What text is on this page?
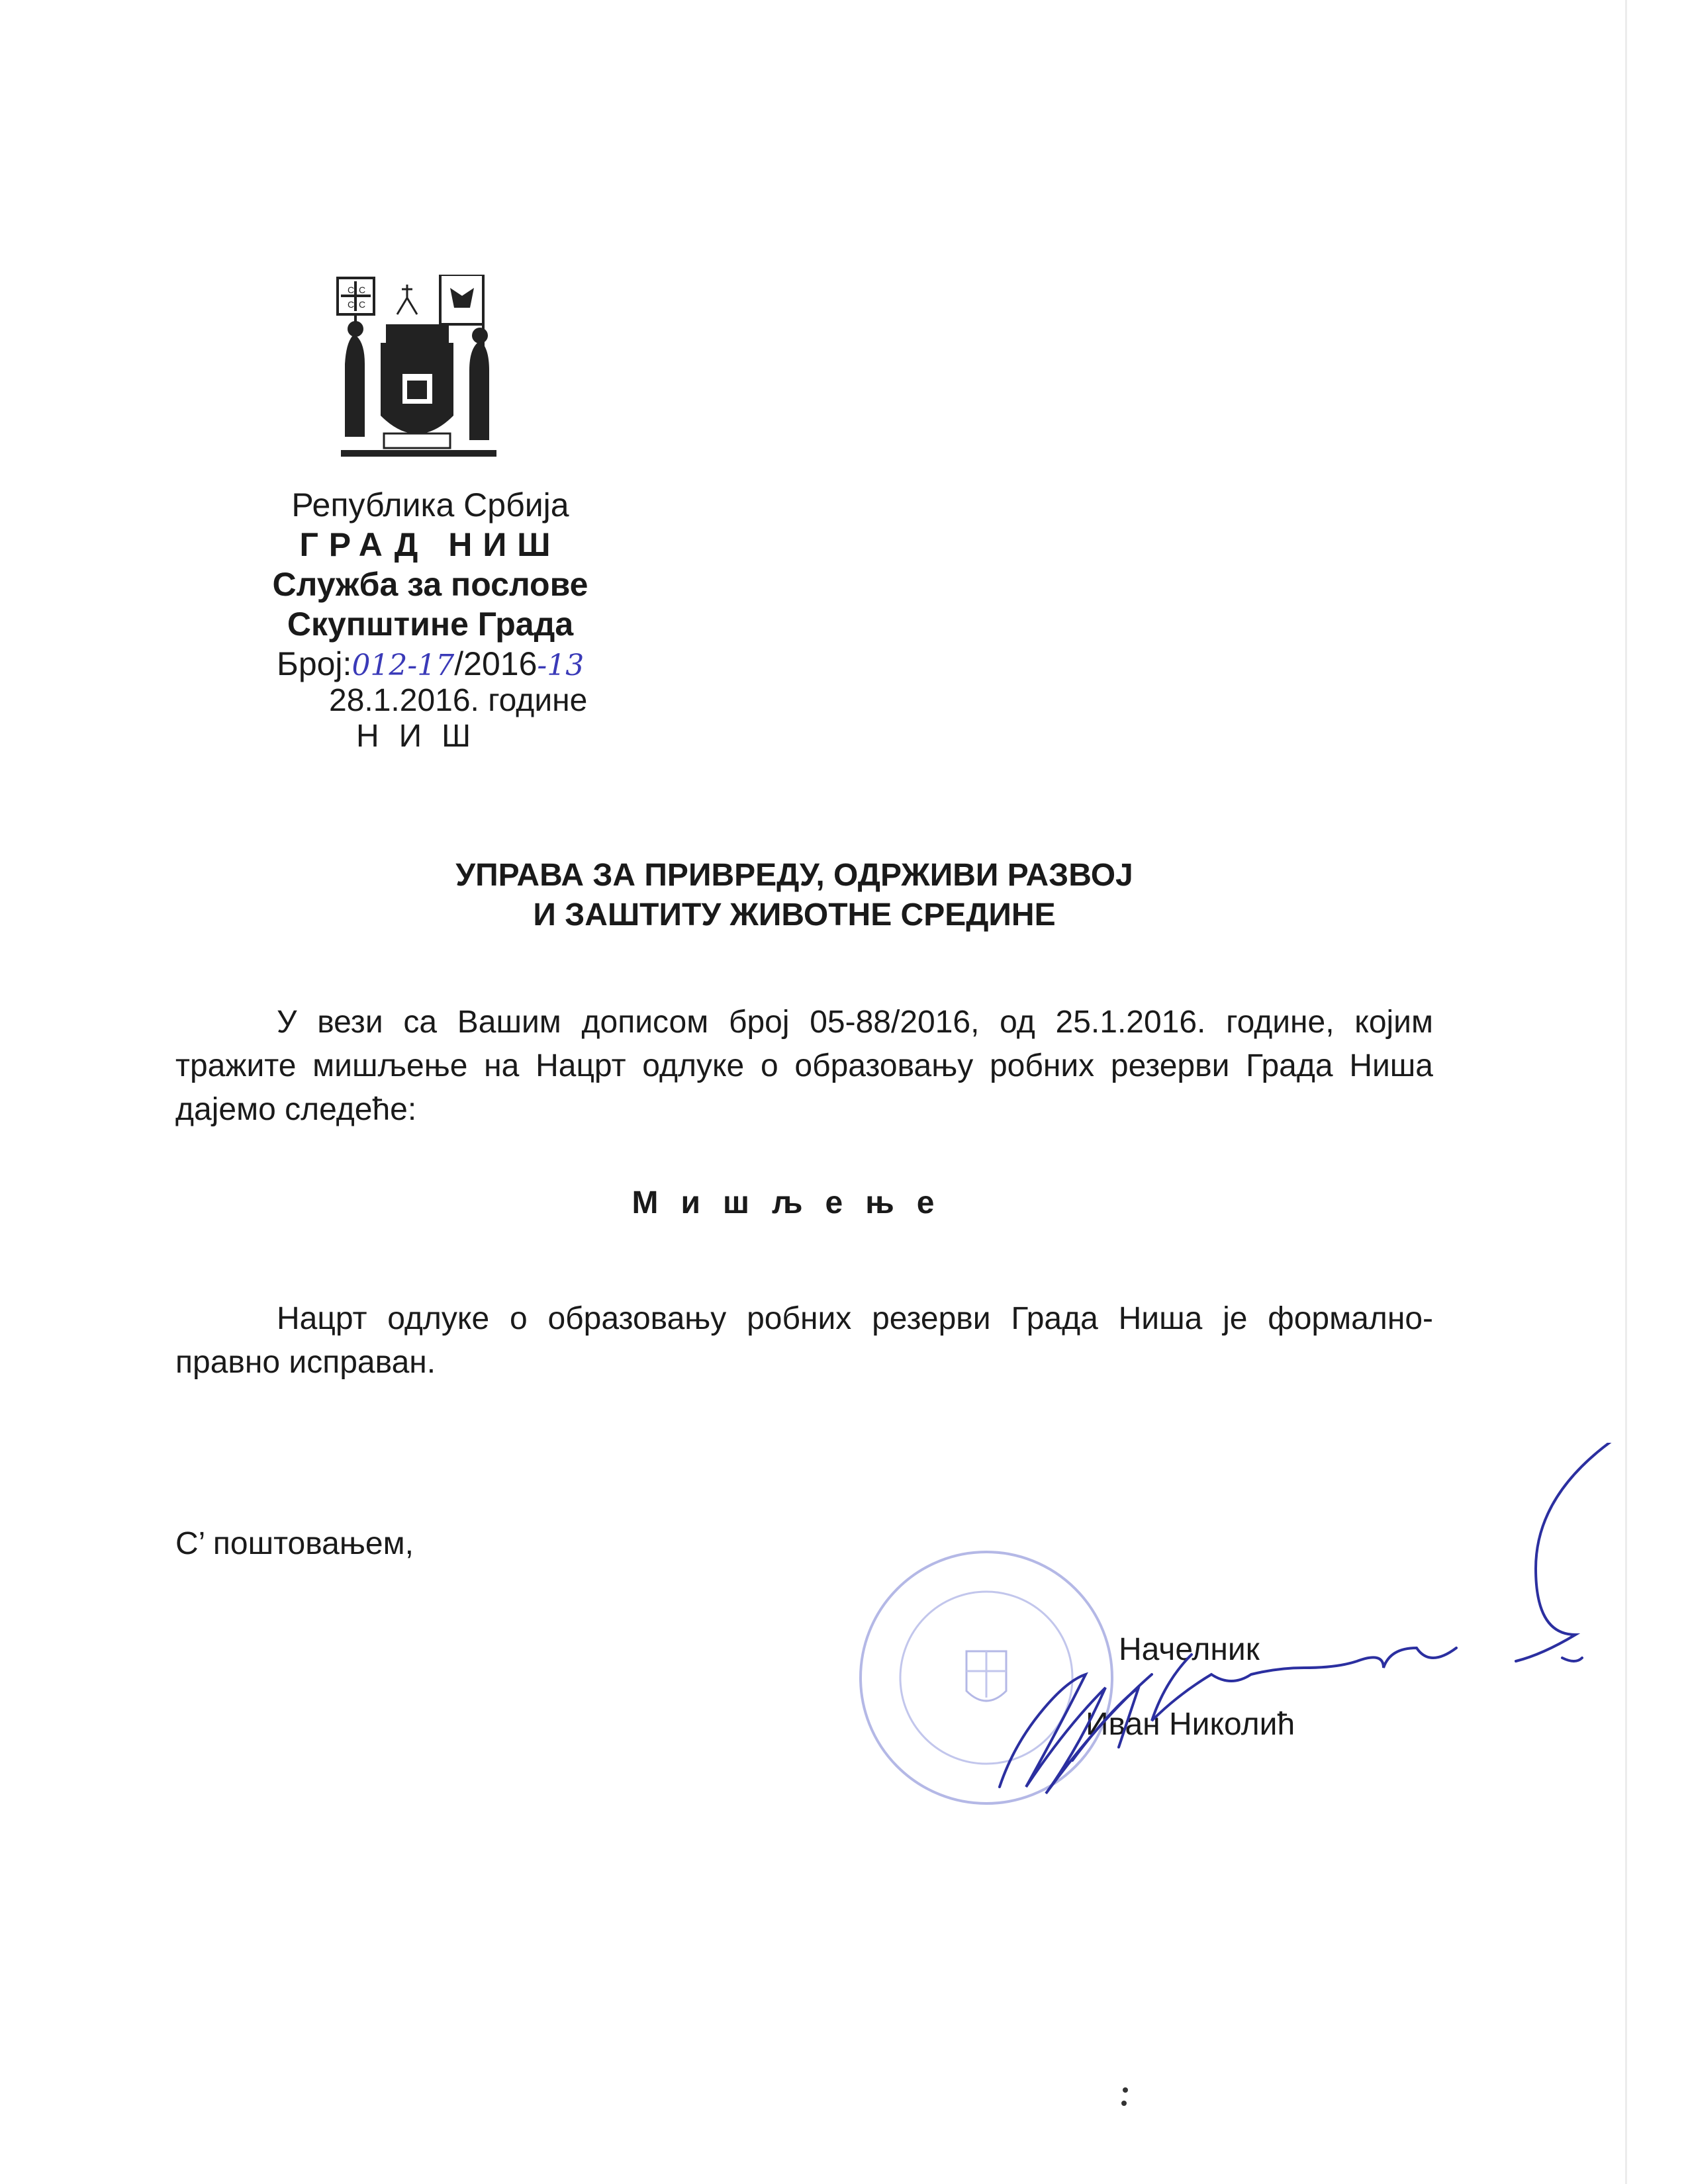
С С
С С
Република Србија
ГРАД НИШ
Служба за послове
Скупштине Града
Број:012-17/2016-13
28.1.2016. године
НИШ
УПРАВА ЗА ПРИВРЕДУ, ОДРЖИВИ РАЗВОЈ
И ЗАШТИТУ ЖИВОТНЕ СРЕДИНЕ
У вези са Вашим дописом број 05-88/2016, од 25.1.2016. године, којим тражите мишљење на Нацрт одлуке о образовању робних резерви Града Ниша дајемо следеће:
Мишљење
Нацрт одлуке о образовању робних резерви Града Ниша је формално-правно исправан.
С’ поштовањем,
Начелник
Иван Николић
